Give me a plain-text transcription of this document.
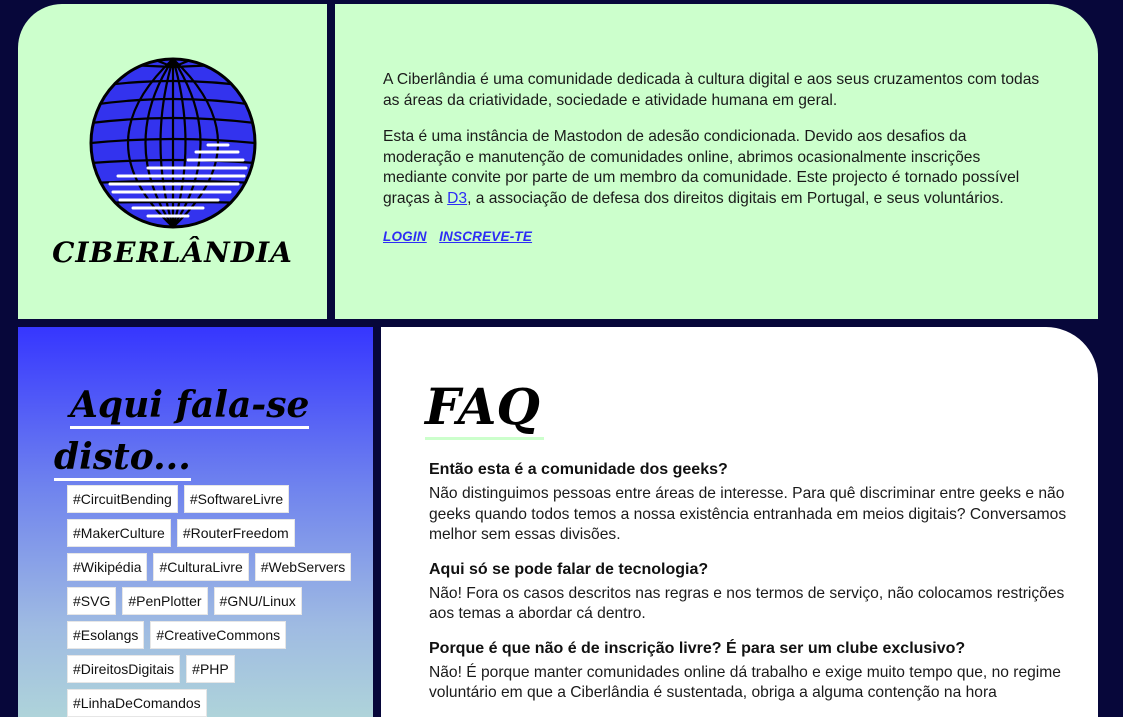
CIBERLÂNDIA

A Ciberlândia é uma comunidade dedicada à cultura digital e aos seus cruzamentos com todas as áreas da criatividade, sociedade e atividade humana em geral.

Esta é uma instância de Mastodon de adesão condicionada. Devido aos desafios da moderação e manutenção de comunidades online, abrimos ocasionalmente inscrições mediante convite por parte de um membro da comunidade. Este projecto é tornado possível graças à D3, a associação de defesa dos direitos digitais em Portugal, e seus voluntários.

LOGIN INSCREVE-TE
Aqui fala-se
disto...
#CircuitBending	#SoftwareLivre
#MakerCulture	#RouterFreedom
#Wikipédia	#CulturaLivre	#WebServers
#SVG	#PenPlotter	#GNU/Linux
#Esolangs	#CreativeCommons
#DireitosDigitais	#PHP
#LinhaDeComandos
FAQ
Então esta é a comunidade dos geeks?
Não distinguimos pessoas entre áreas de interesse. Para quê discriminar entre geeks e não geeks quando todos temos a nossa existência entranhada em meios digitais? Conversamos melhor sem essas divisões.
Aqui só se pode falar de tecnologia?
Não! Fora os casos descritos nas regras e nos termos de serviço, não colocamos restrições aos temas a abordar cá dentro.
Porque é que não é de inscrição livre? É para ser um clube exclusivo?
Não! É porque manter comunidades online dá trabalho e exige muito tempo que, no regime voluntário em que a Ciberlândia é sustentada, obriga a alguma contenção na hora
